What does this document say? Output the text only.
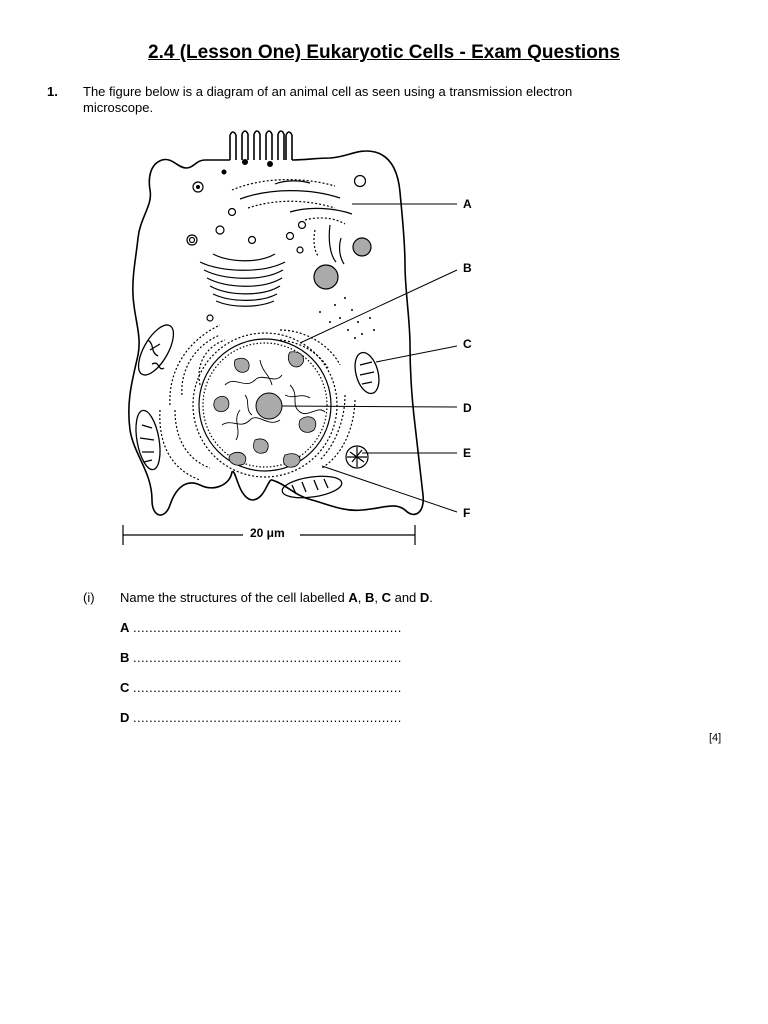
2.4 (Lesson One) Eukaryotic Cells - Exam Questions
1. The figure below is a diagram of an animal cell as seen using a transmission electron microscope.
A
B
C
D
E
F
20 μm
(i) Name the structures of the cell labelled A, B, C and D.
A ...................................................................
B ...................................................................
C ...................................................................
D ...................................................................
[4]
